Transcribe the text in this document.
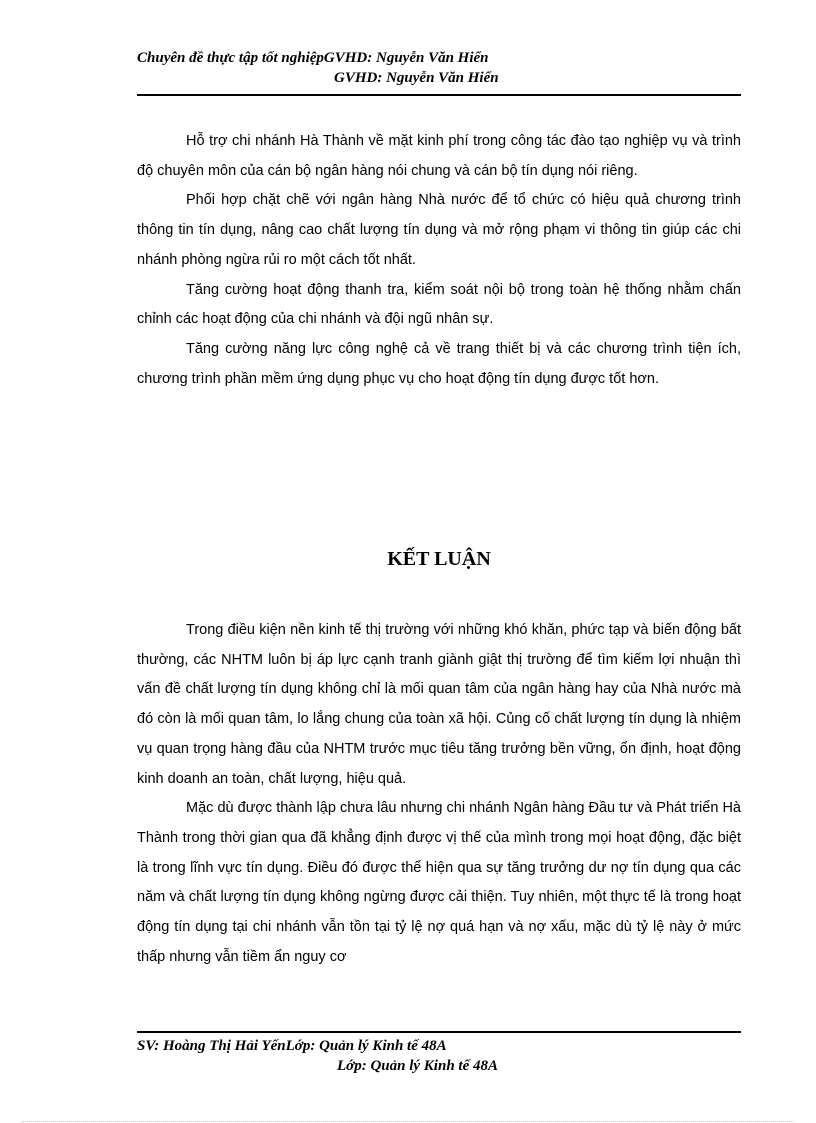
Chuyên đề thực tập tốt nghiệpGVHD: Nguyễn Văn Hiển
GVHD: Nguyễn Văn Hiển

Hỗ trợ chi nhánh Hà Thành về mặt kinh phí trong công tác đào tạo nghiệp vụ và trình độ chuyên môn của cán bộ ngân hàng nói chung và cán bộ tín dụng nói riêng.

Phối hợp chặt chẽ với ngân hàng Nhà nước để tổ chức có hiệu quả chương trình thông tin tín dụng, nâng cao chất lượng tín dụng và mở rộng phạm vi thông tin giúp các chi nhánh phòng ngừa rủi ro một cách tốt nhất.

Tăng cường hoạt động thanh tra, kiểm soát nội bộ trong toàn hệ thống nhằm chấn chỉnh các hoạt động của chi nhánh và đội ngũ nhân sự.

Tăng cường năng lực công nghệ cả về trang thiết bị và các chương trình tiện ích, chương trình phần mềm ứng dụng phục vụ cho hoạt động tín dụng được tốt hơn.

KẾT LUẬN

Trong điều kiện nền kinh tế thị trường với những khó khăn, phức tạp và biến động bất thường, các NHTM luôn bị áp lực cạnh tranh giành giật thị trường để tìm kiếm lợi nhuận thì vấn đề chất lượng tín dụng không chỉ là mối quan tâm của ngân hàng hay của Nhà nước mà đó còn là mối quan tâm, lo lắng chung của toàn xã hội. Củng cố chất lượng tín dụng là nhiệm vụ quan trọng hàng đầu của NHTM trước mục tiêu tăng trưởng bền vững, ổn định, hoạt động kinh doanh an toàn, chất lượng, hiệu quả.

Mặc dù được thành lập chưa lâu nhưng chi nhánh Ngân hàng Đầu tư và Phát triển Hà Thành trong thời gian qua đã khẳng định được vị thế của mình trong mọi hoạt động, đặc biệt là trong lĩnh vực tín dụng. Điều đó được thể hiện qua sự tăng trưởng dư nợ tín dụng qua các năm và chất lượng tín dụng không ngừng được cải thiện. Tuy nhiên, một thực tế là trong hoạt động tín dụng tại chi nhánh vẫn tồn tại tỷ lệ nợ quá hạn và nợ xấu, mặc dù tỷ lệ này ở mức thấp nhưng vẫn tiềm ẩn nguy cơ

SV: Hoàng Thị Hải YếnLớp: Quản lý Kinh tế 48A
Lớp: Quản lý Kinh tế 48A
